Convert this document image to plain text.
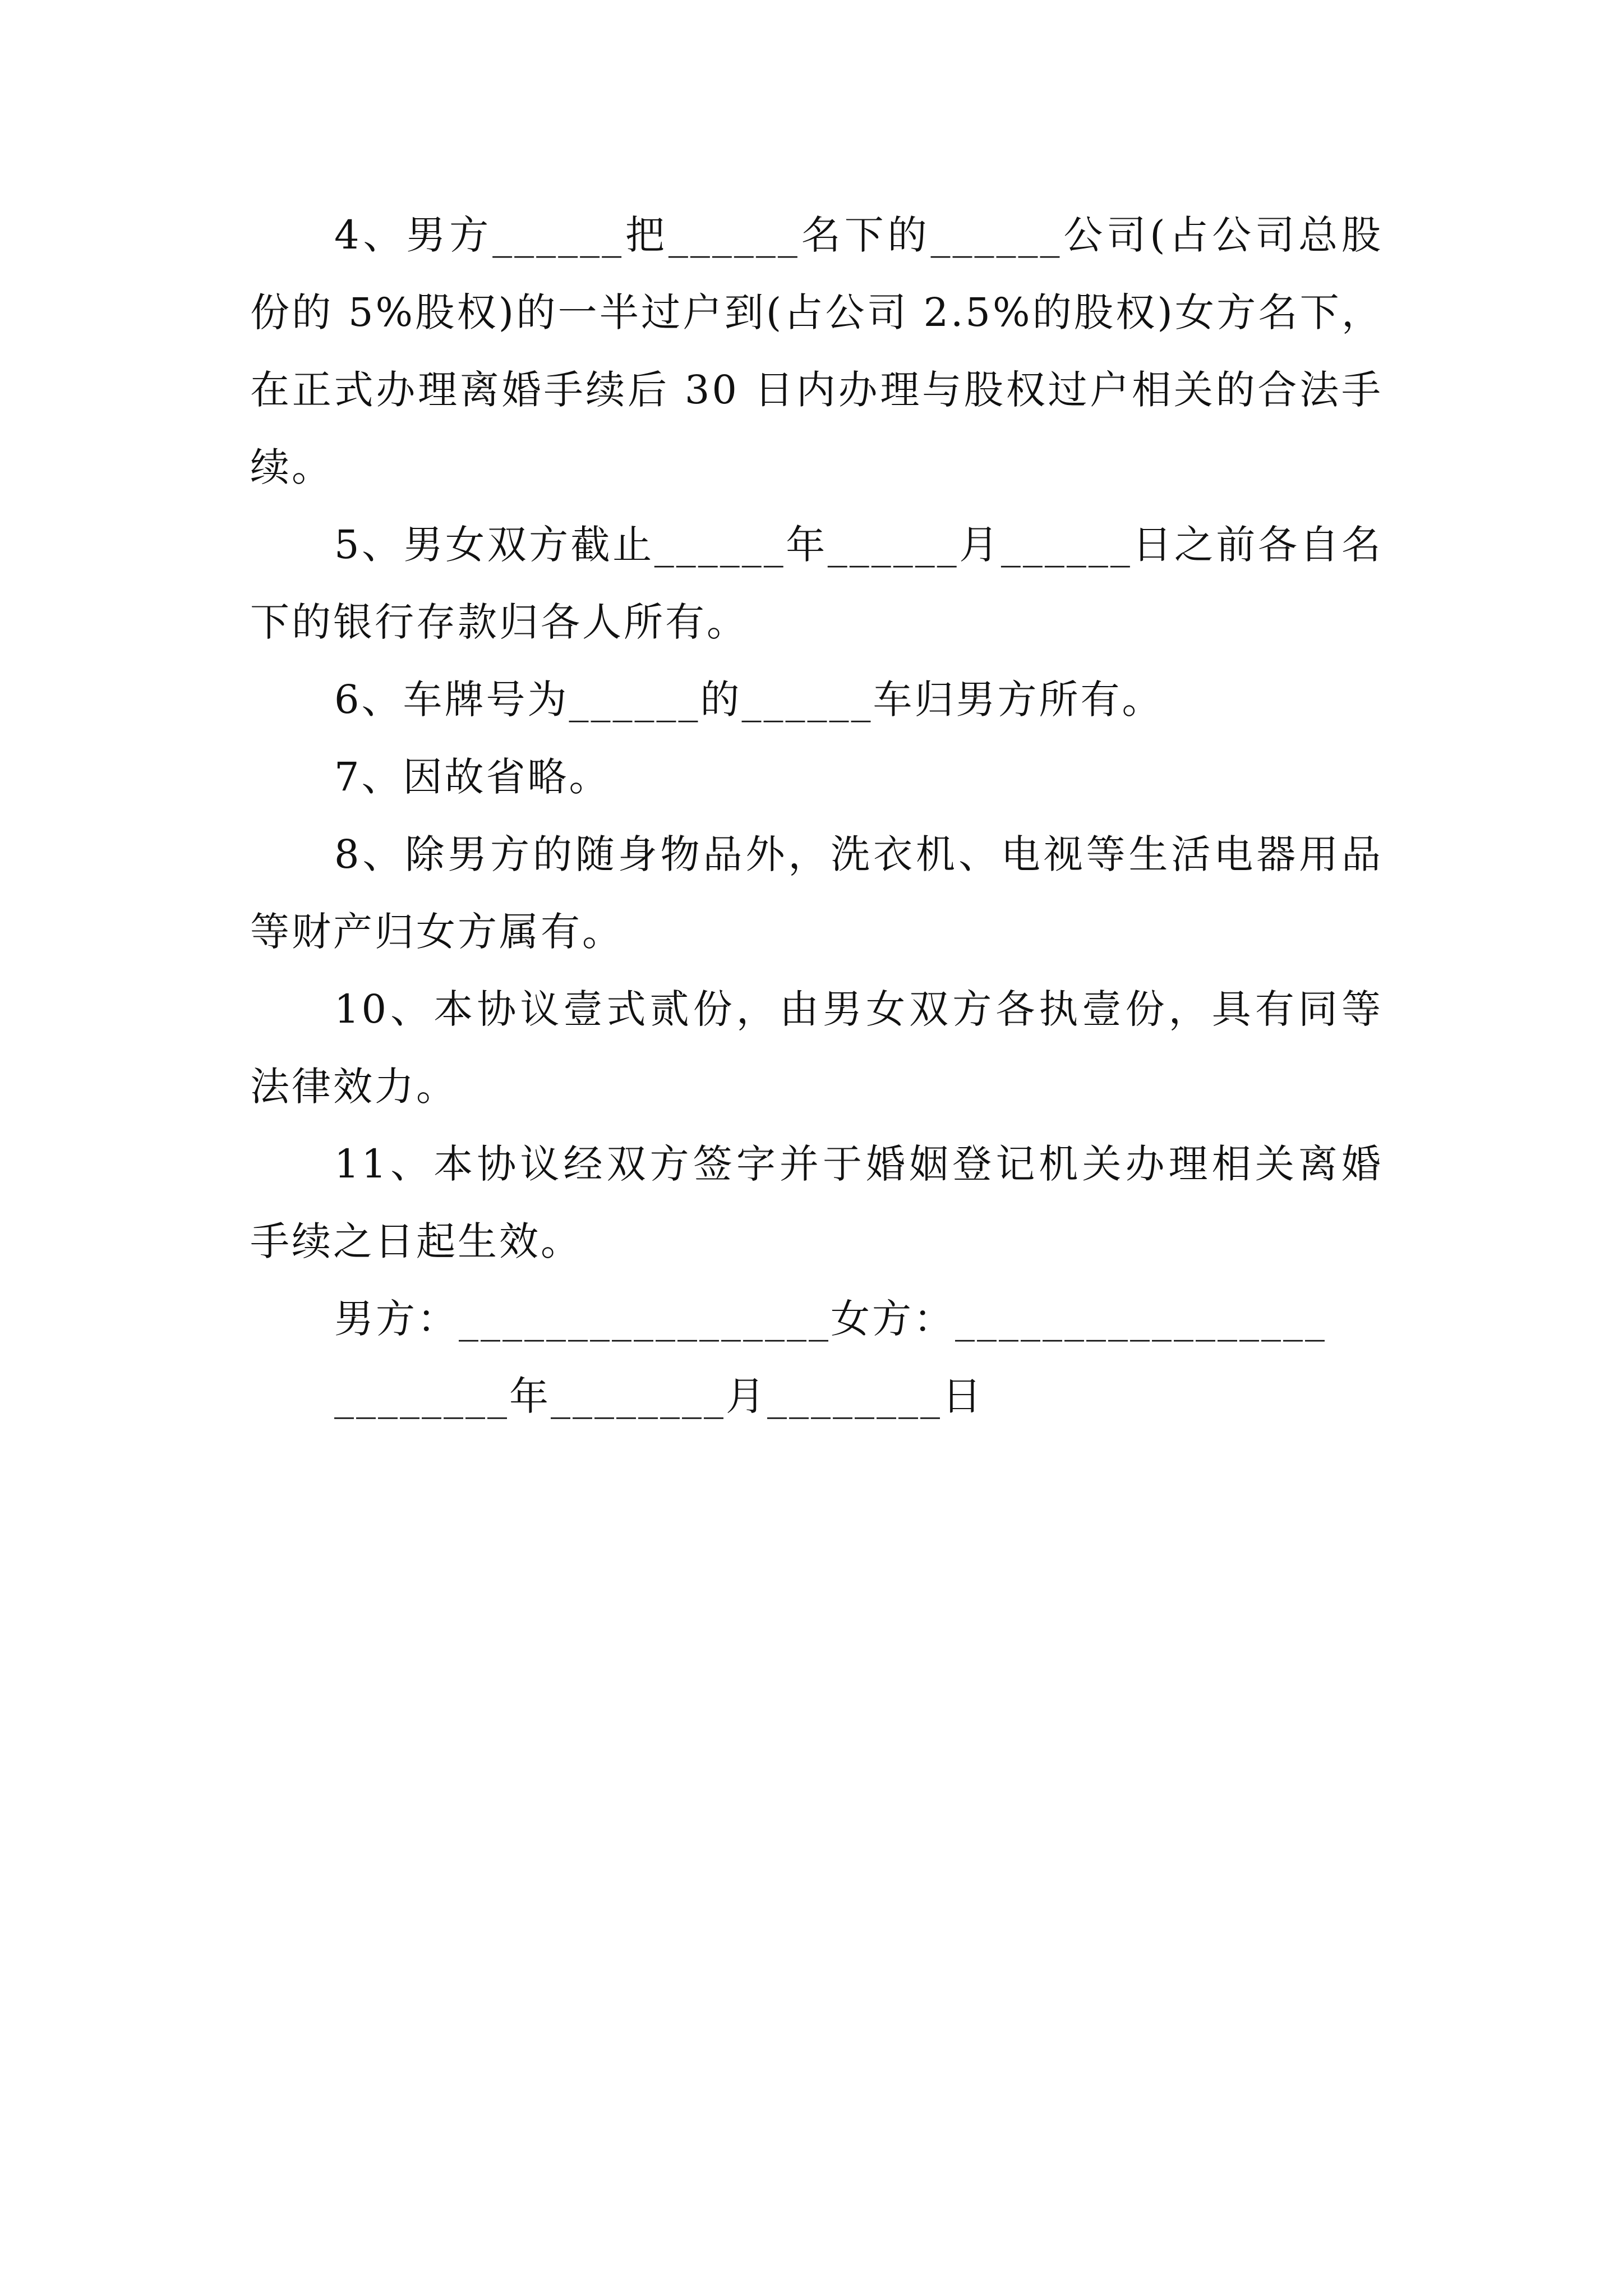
4、男方______把______名下的______公司(占公司总股份的 5%股权)的一半过户到(占公司 2.5%的股权)女方名下，在正式办理离婚手续后 30 日内办理与股权过户相关的合法手续。

5、男女双方截止______年______月______日之前各自名下的银行存款归各人所有。

6、车牌号为______的______车归男方所有。

7、因故省略。

8、除男方的随身物品外，洗衣机、电视等生活电器用品等财产归女方属有。

10、本协议壹式贰份，由男女双方各执壹份，具有同等法律效力。

11、本协议经双方签字并于婚姻登记机关办理相关离婚手续之日起生效。

男方：_________________女方：_________________

________年________月________日
